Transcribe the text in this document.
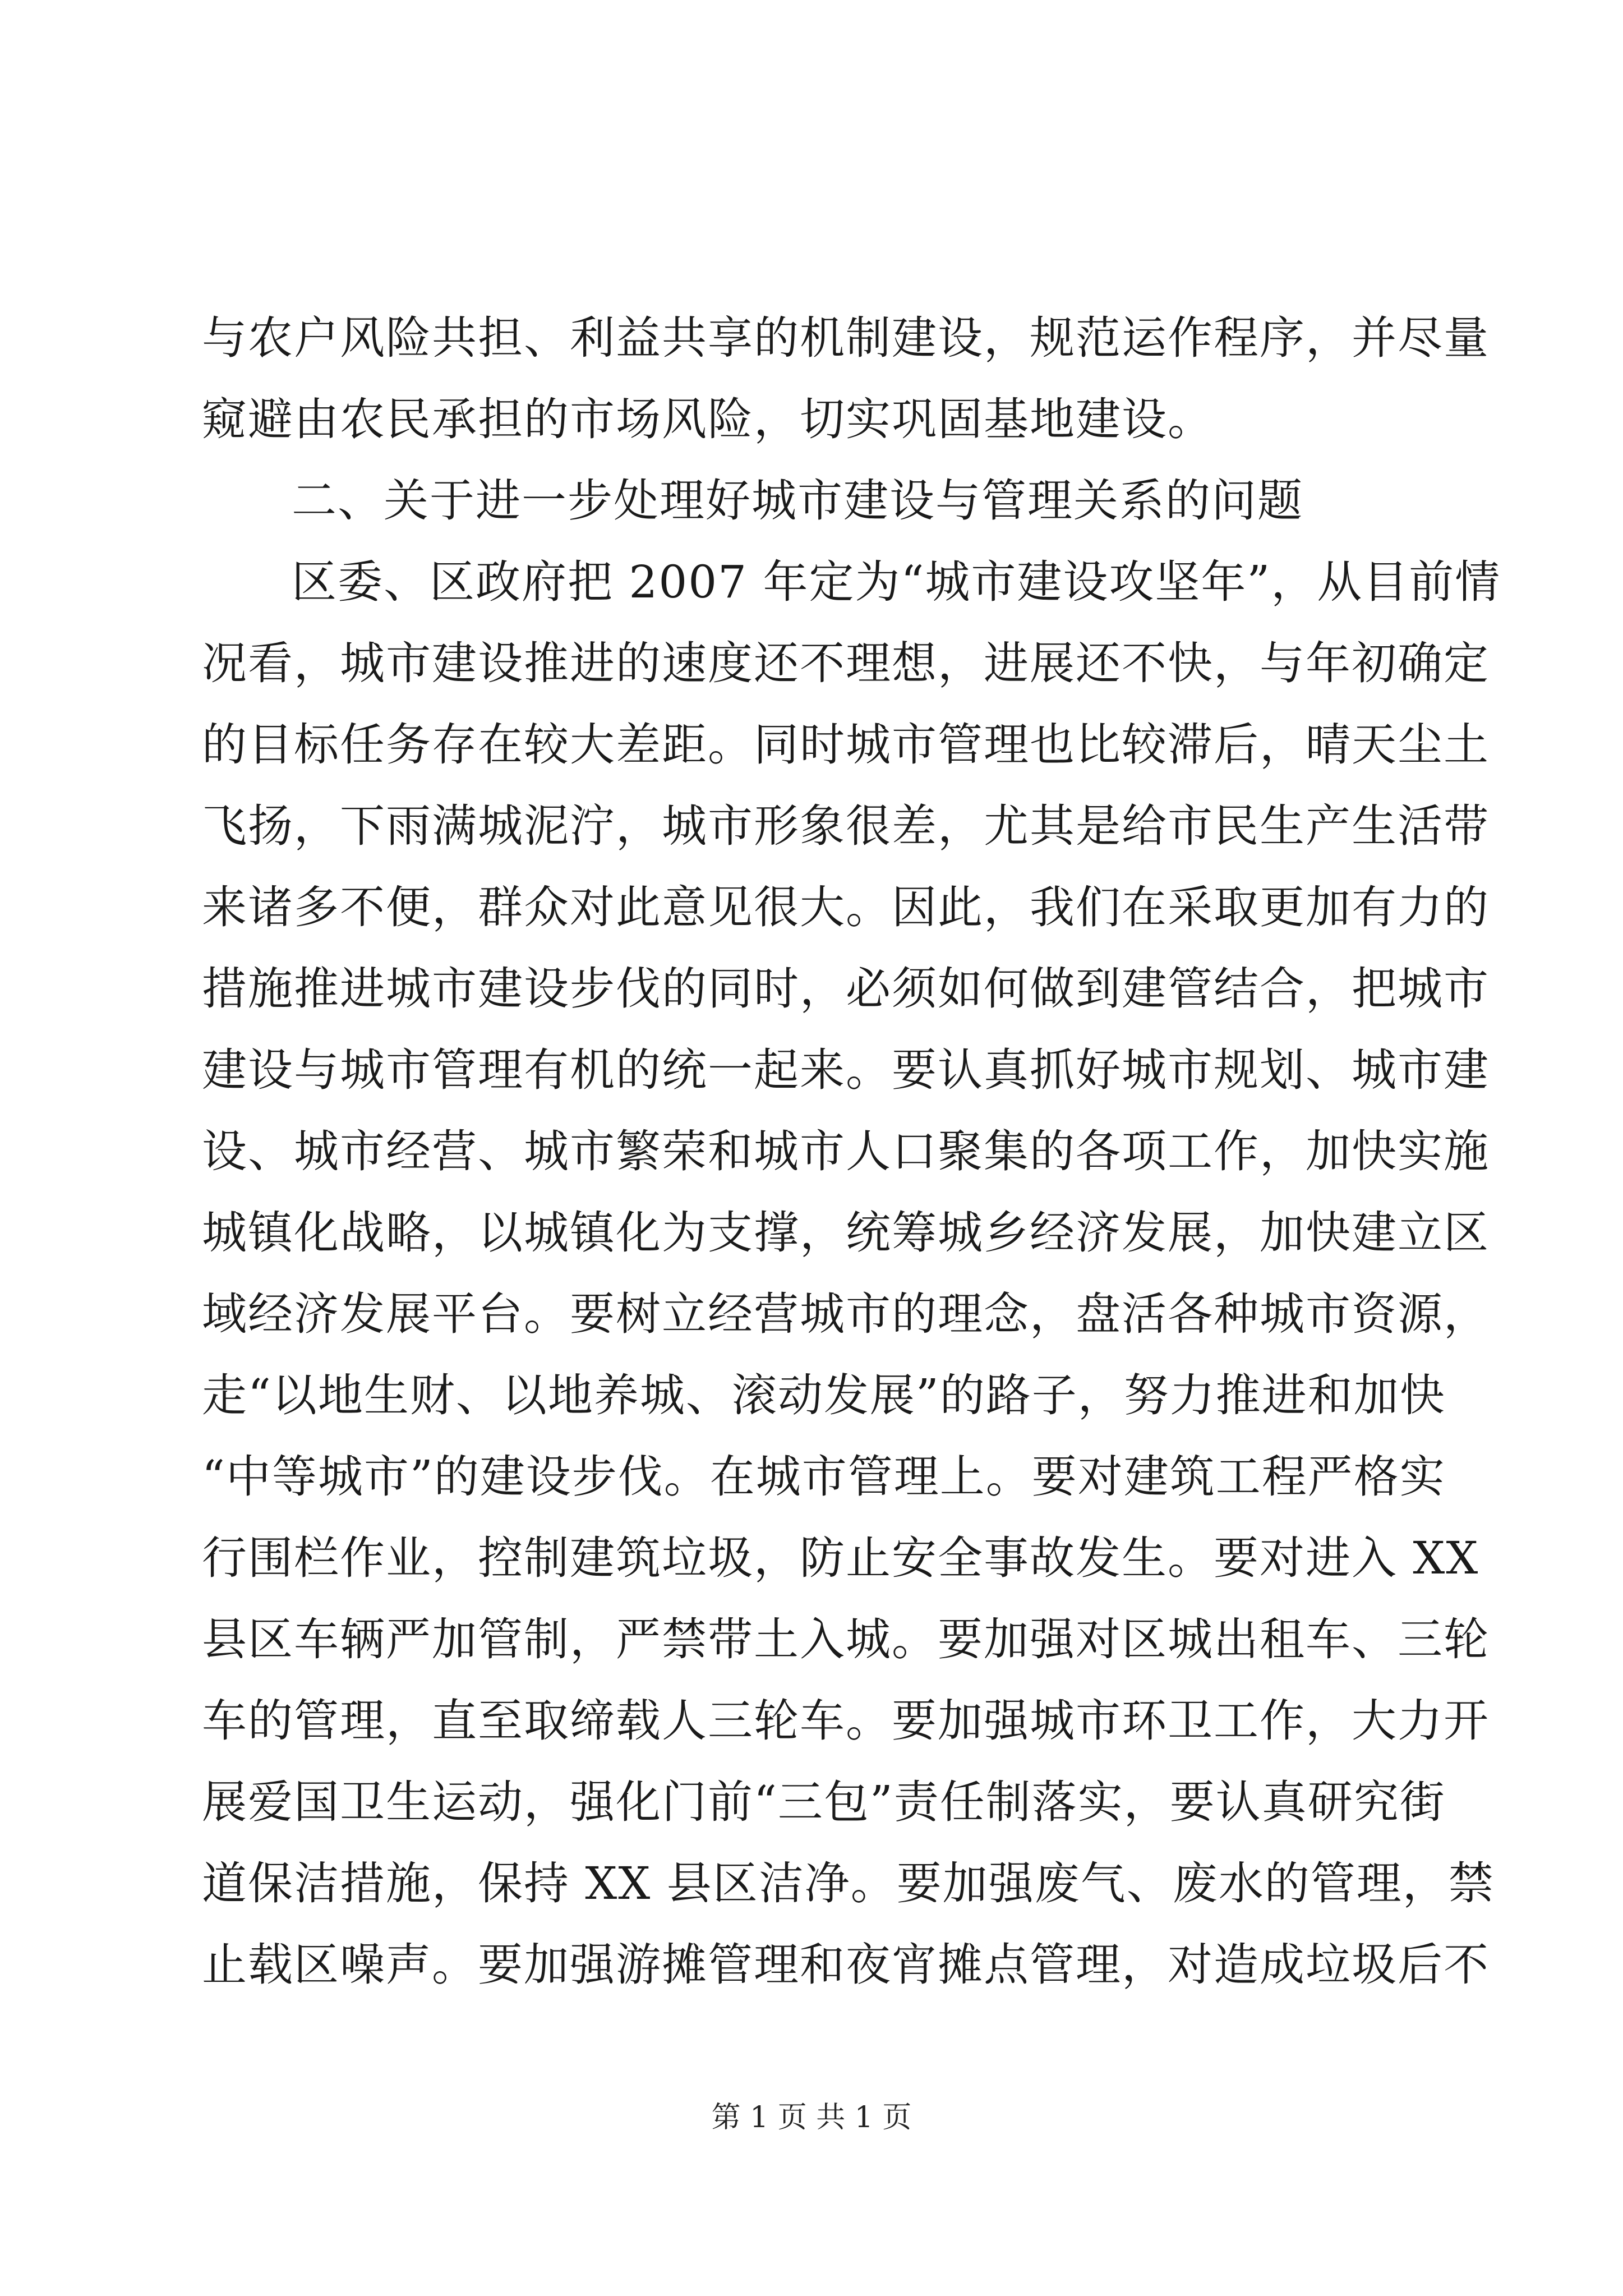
与农户风险共担、利益共享的机制建设，规范运作程序，并尽量
窥避由农民承担的市场风险，切实巩固基地建设。
二、关于进一步处理好城市建设与管理关系的问题
区委、区政府把 2007 年定为“城市建设攻坚年”，从目前情
况看，城市建设推进的速度还不理想，进展还不快，与年初确定
的目标任务存在较大差距。同时城市管理也比较滞后，晴天尘土
飞扬，下雨满城泥泞，城市形象很差，尤其是给市民生产生活带
来诸多不便，群众对此意见很大。因此，我们在采取更加有力的
措施推进城市建设步伐的同时，必须如何做到建管结合，把城市
建设与城市管理有机的统一起来。要认真抓好城市规划、城市建
设、城市经营、城市繁荣和城市人口聚集的各项工作，加快实施
城镇化战略，以城镇化为支撑，统筹城乡经济发展，加快建立区
域经济发展平台。要树立经营城市的理念，盘活各种城市资源，
走“以地生财、以地养城、滚动发展”的路子，努力推进和加快
“中等城市”的建设步伐。在城市管理上。要对建筑工程严格实
行围栏作业，控制建筑垃圾，防止安全事故发生。要对进入 XX
县区车辆严加管制，严禁带土入城。要加强对区城出租车、三轮
车的管理，直至取缔载人三轮车。要加强城市环卫工作，大力开
展爱国卫生运动，强化门前“三包”责任制落实，要认真研究街
道保洁措施，保持 XX 县区洁净。要加强废气、废水的管理，禁
止载区噪声。要加强游摊管理和夜宵摊点管理，对造成垃圾后不
第 1 页 共 1 页
